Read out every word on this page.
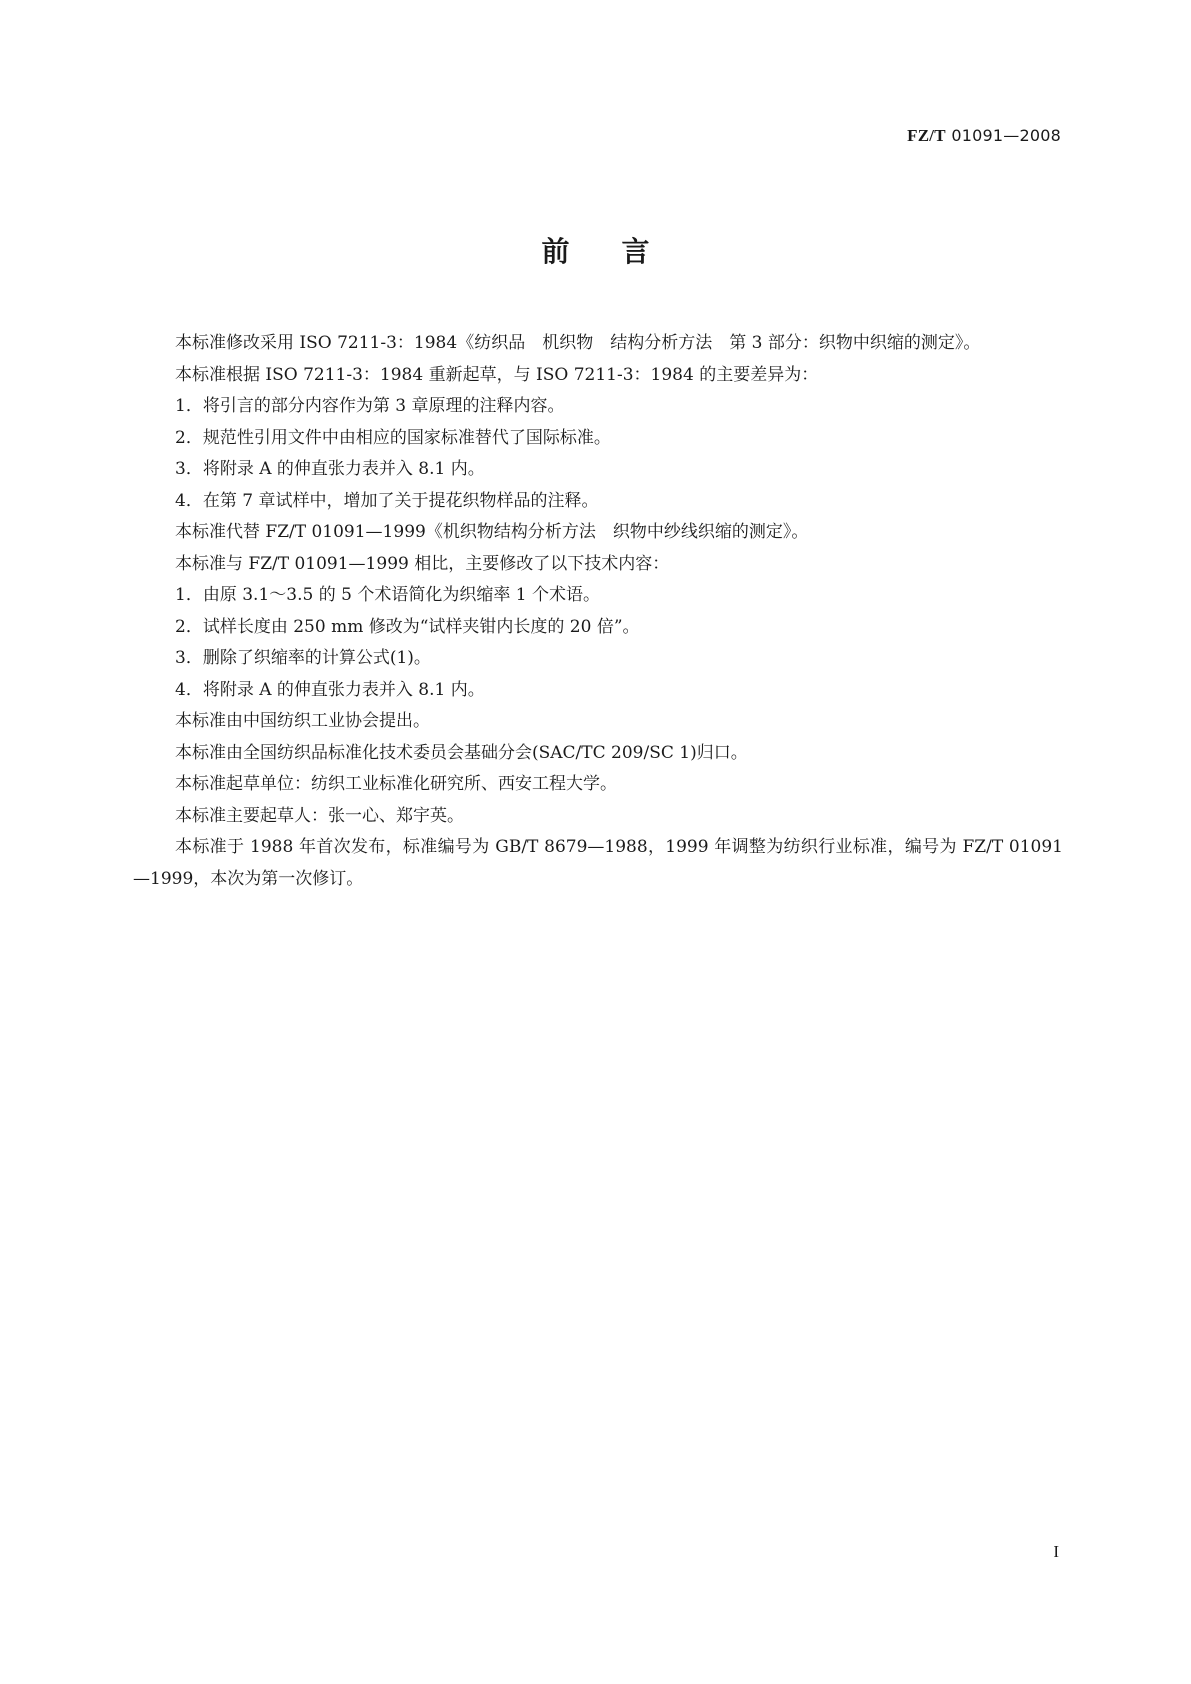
FZ/T 01091—2008
前言

本标准修改采用 ISO 7211-3：1984《纺织品　机织物　结构分析方法　第 3 部分：织物中织缩的测定》。

本标准根据 ISO 7211-3：1984 重新起草，与 ISO 7211-3：1984 的主要差异为：

1．将引言的部分内容作为第 3 章原理的注释内容。

2．规范性引用文件中由相应的国家标准替代了国际标准。

3．将附录 A 的伸直张力表并入 8.1 内。

4．在第 7 章试样中，增加了关于提花织物样品的注释。

本标准代替 FZ/T 01091—1999《机织物结构分析方法　织物中纱线织缩的测定》。

本标准与 FZ/T 01091—1999 相比，主要修改了以下技术内容：

1．由原 3.1～3.5 的 5 个术语简化为织缩率 1 个术语。

2．试样长度由 250 mm 修改为“试样夹钳内长度的 20 倍”。

3．删除了织缩率的计算公式(1)。

4．将附录 A 的伸直张力表并入 8.1 内。

本标准由中国纺织工业协会提出。

本标准由全国纺织品标准化技术委员会基础分会(SAC/TC 209/SC 1)归口。

本标准起草单位：纺织工业标准化研究所、西安工程大学。

本标准主要起草人：张一心、郑宇英。

本标准于 1988 年首次发布，标准编号为 GB/T 8679—1988，1999 年调整为纺织行业标准，编号为 FZ/T 01091—1999，本次为第一次修订。

I
